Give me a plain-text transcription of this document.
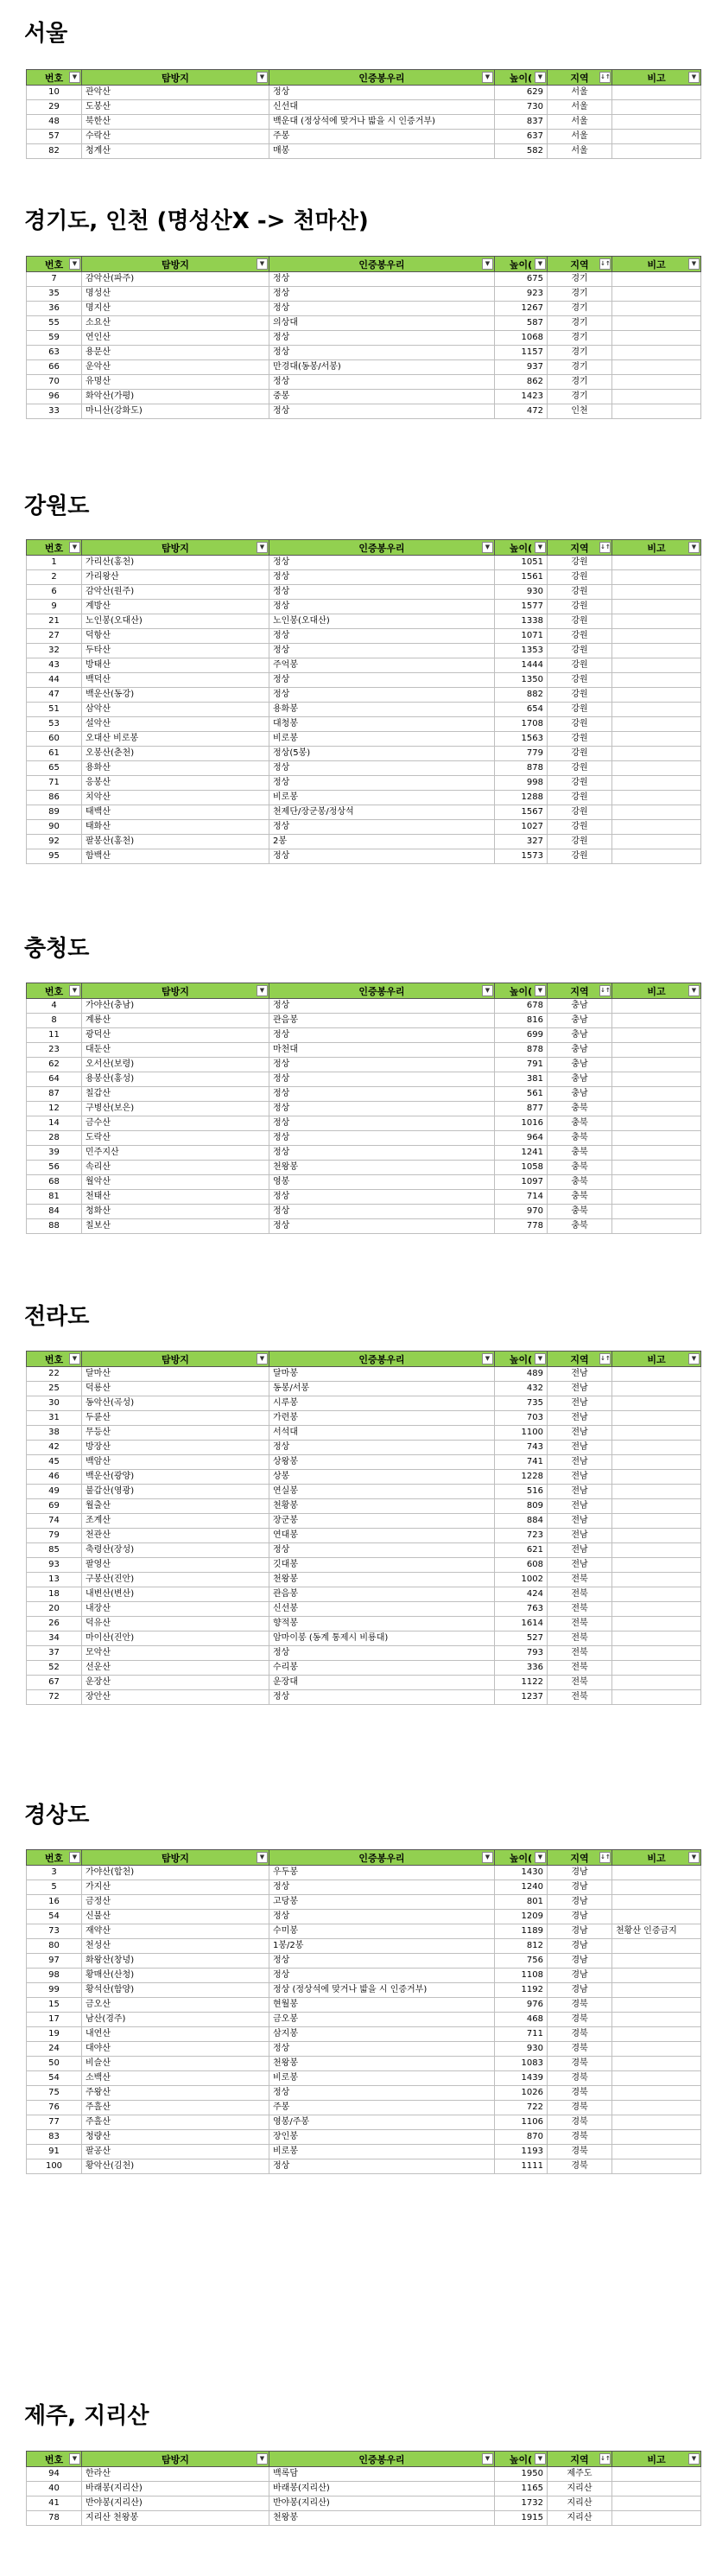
서울
번호 ▼	탐방지 ▼	인증봉우리 ▼	높이( ▼	지역 ↓↑	비고 ▼

10	관악산	정상	629	서울	
29	도봉산	신선대	730	서울	
48	북한산	백운대 (정상석에 맞거나 밟을 시 인증거부)	837	서울	
57	수락산	주봉	637	서울	
82	청계산	매봉	582	서울	
경기도, 인천 (명성산X -> 천마산)
번호 ▼	탐방지 ▼	인증봉우리 ▼	높이( ▼	지역 ↓↑	비고 ▼

7	감악산(파주)	정상	675	경기	
35	명성산	정상	923	경기	
36	명지산	정상	1267	경기	
55	소요산	의상대	587	경기	
59	연인산	정상	1068	경기	
63	용문산	정상	1157	경기	
66	운악산	만경대(동봉/서봉)	937	경기	
70	유명산	정상	862	경기	
96	화악산(가평)	중봉	1423	경기	
33	마니산(강화도)	정상	472	인천	
강원도
번호 ▼	탐방지 ▼	인증봉우리 ▼	높이( ▼	지역 ↓↑	비고 ▼

1	가리산(홍천)	정상	1051	강원	
2	가리왕산	정상	1561	강원	
6	감악산(원주)	정상	930	강원	
9	계방산	정상	1577	강원	
21	노인봉(오대산)	노인봉(오대산)	1338	강원	
27	덕항산	정상	1071	강원	
32	두타산	정상	1353	강원	
43	방태산	주억봉	1444	강원	
44	백덕산	정상	1350	강원	
47	백운산(동강)	정상	882	강원	
51	삼악산	용화봉	654	강원	
53	설악산	대청봉	1708	강원	
60	오대산 비로봉	비로봉	1563	강원	
61	오봉산(춘천)	정상(5봉)	779	강원	
65	용화산	정상	878	강원	
71	응봉산	정상	998	강원	
86	치악산	비로봉	1288	강원	
89	태백산	천제단/장군봉/정상석	1567	강원	
90	태화산	정상	1027	강원	
92	팔봉산(홍천)	2봉	327	강원	
95	함백산	정상	1573	강원	
충청도
번호 ▼	탐방지 ▼	인증봉우리 ▼	높이( ▼	지역 ↓↑	비고 ▼

4	가야산(충남)	정상	678	충남	
8	계룡산	관음봉	816	충남	
11	광덕산	정상	699	충남	
23	대둔산	마천대	878	충남	
62	오서산(보령)	정상	791	충남	
64	용봉산(홍성)	정상	381	충남	
87	칠갑산	정상	561	충남	
12	구병산(보은)	정상	877	충북	
14	금수산	정상	1016	충북	
28	도락산	정상	964	충북	
39	민주지산	정상	1241	충북	
56	속리산	천왕봉	1058	충북	
68	월악산	영봉	1097	충북	
81	천태산	정상	714	충북	
84	청화산	정상	970	충북	
88	칠보산	정상	778	충북	
전라도
번호 ▼	탐방지 ▼	인증봉우리 ▼	높이( ▼	지역 ↓↑	비고 ▼

22	달마산	달마봉	489	전남	
25	덕룡산	동봉/서봉	432	전남	
30	동악산(곡성)	시루봉	735	전남	
31	두륜산	가련봉	703	전남	
38	무등산	서석대	1100	전남	
42	방장산	정상	743	전남	
45	백암산	상왕봉	741	전남	
46	백운산(광양)	상봉	1228	전남	
49	불갑산(영광)	연실봉	516	전남	
69	월출산	천황봉	809	전남	
74	조계산	장군봉	884	전남	
79	천관산	연대봉	723	전남	
85	축령산(장성)	정상	621	전남	
93	팔영산	깃대봉	608	전남	
13	구봉산(진안)	천왕봉	1002	전북	
18	내변산(변산)	관음봉	424	전북	
20	내장산	신선봉	763	전북	
26	덕유산	향적봉	1614	전북	
34	마이산(진안)	암마이봉 (동계 통제시 비룡대)	527	전북	
37	모악산	정상	793	전북	
52	선운산	수리봉	336	전북	
67	운장산	운장대	1122	전북	
72	장안산	정상	1237	전북	
경상도
번호 ▼	탐방지 ▼	인증봉우리 ▼	높이( ▼	지역 ↓↑	비고 ▼

3	가야산(합천)	우두봉	1430	경남	
5	가지산	정상	1240	경남	
16	금정산	고당봉	801	경남	
54	신불산	정상	1209	경남	
73	재약산	수미봉	1189	경남	천황산 인증금지
80	천성산	1봉/2봉	812	경남	
97	화왕산(창녕)	정상	756	경남	
98	황매산(산청)	정상	1108	경남	
99	황석산(함양)	정상 (정상석에 맞거나 밟을 시 인증거부)	1192	경남	
15	금오산	현월봉	976	경북	
17	남산(경주)	금오봉	468	경북	
19	내연산	삼지봉	711	경북	
24	대야산	정상	930	경북	
50	비슬산	천왕봉	1083	경북	
54	소백산	비로봉	1439	경북	
75	주왕산	정상	1026	경북	
76	주흘산	주봉	722	경북	
77	주흘산	영봉/주봉	1106	경북	
83	청량산	장인봉	870	경북	
91	팔공산	비로봉	1193	경북	
100	황악산(김천)	정상	1111	경북	
제주, 지리산
번호 ▼	탐방지 ▼	인증봉우리 ▼	높이( ▼	지역 ↓↑	비고 ▼

94	한라산	백록담	1950	제주도	
40	바래봉(지리산)	바래봉(지리산)	1165	지리산	
41	반야봉(지리산)	반야봉(지리산)	1732	지리산	
78	지리산 천왕봉	천왕봉	1915	지리산	
